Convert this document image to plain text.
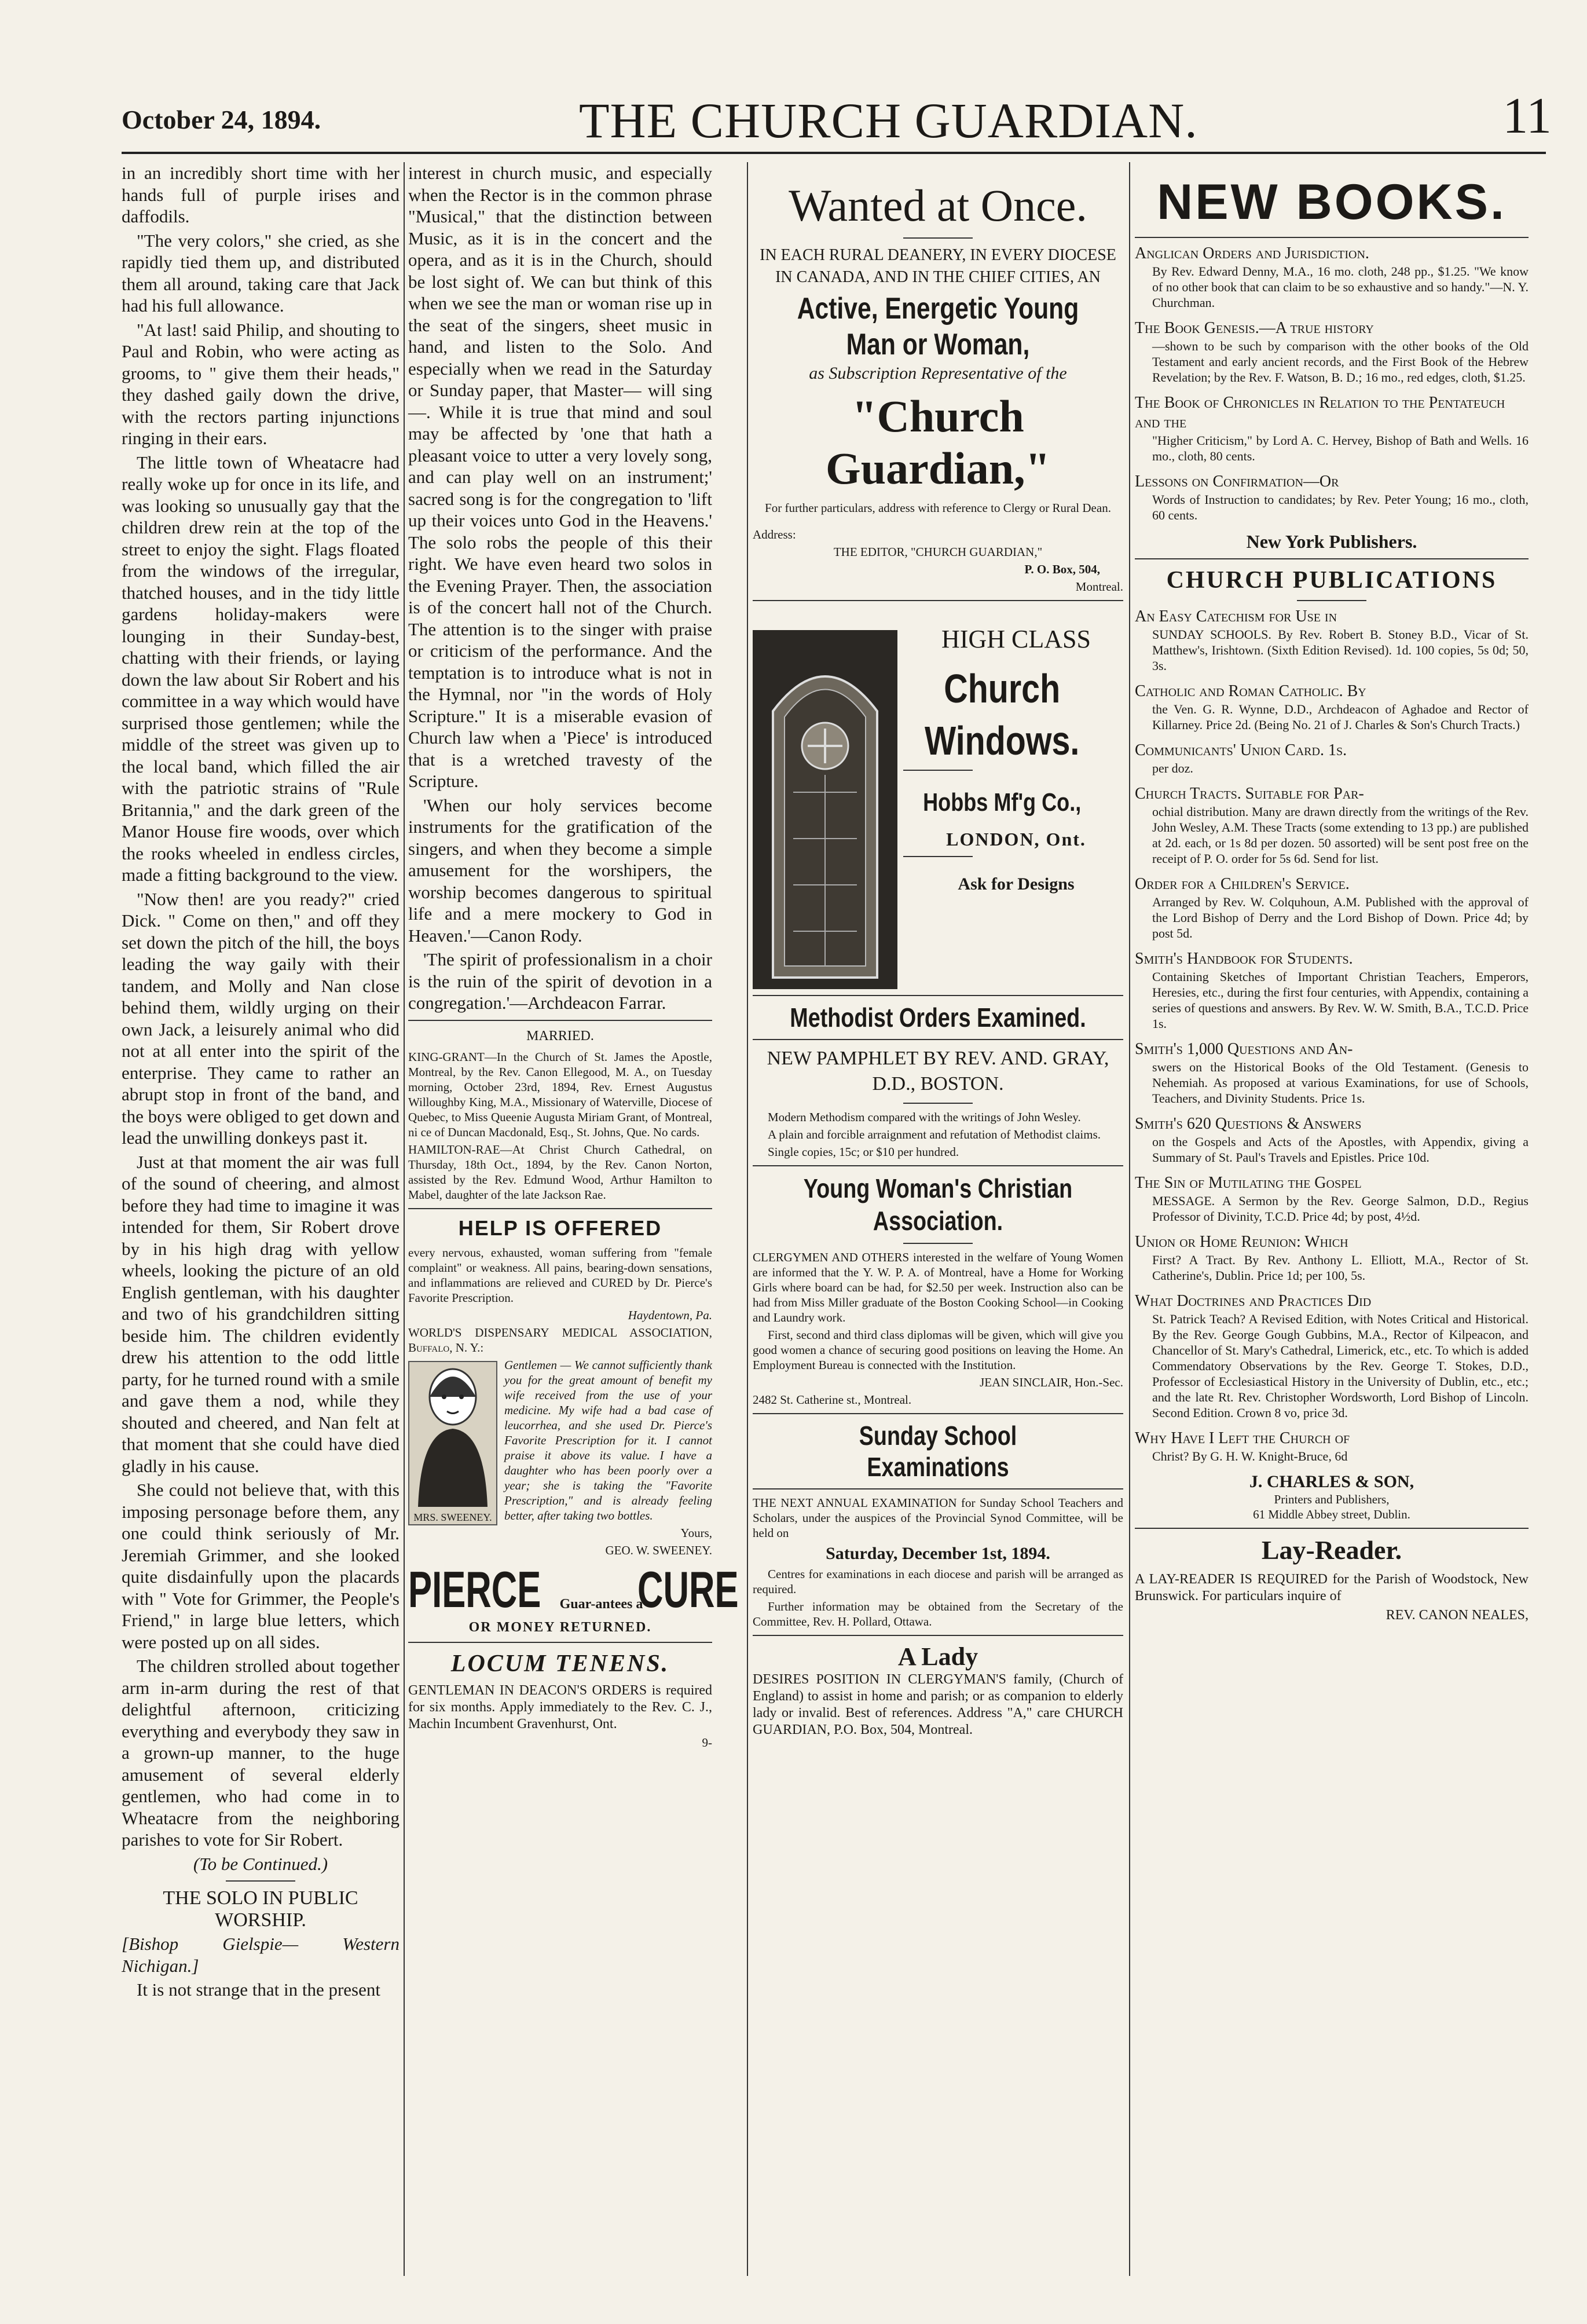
October 24, 1894.	THE CHURCH GUARDIAN.	11

in an incredibly short time with her hands full of purple irises and daffodils.

"The very colors," she cried, as she rapidly tied them up, and distributed them all around, taking care that Jack had his full allowance.

"At last! said Philip, and shouting to Paul and Robin, who were acting as grooms, to " give them their heads," they dashed gaily down the drive, with the rectors parting injunctions ringing in their ears.

The little town of Wheatacre had really woke up for once in its life, and was looking so unusually gay that the children drew rein at the top of the street to enjoy the sight. Flags floated from the windows of the irregular, thatched houses, and in the tidy little gardens holiday-makers were lounging in their Sunday-best, chatting with their friends, or laying down the law about Sir Robert and his committee in a way which would have surprised those gentlemen; while the middle of the street was given up to the local band, which filled the air with the patriotic strains of "Rule Britannia," and the dark green of the Manor House fire woods, over which the rooks wheeled in endless circles, made a fitting background to the view.

"Now then! are you ready?" cried Dick. " Come on then," and off they set down the pitch of the hill, the boys leading the way gaily with their tandem, and Molly and Nan close behind them, wildly urging on their own Jack, a leisurely animal who did not at all enter into the spirit of the enterprise. They came to rather an abrupt stop in front of the band, and the boys were obliged to get down and lead the unwilling donkeys past it.

Just at that moment the air was full of the sound of cheering, and almost before they had time to imagine it was intended for them, Sir Robert drove by in his high drag with yellow wheels, looking the picture of an old English gentleman, with his daughter and two of his grandchildren sitting beside him. The children evidently drew his attention to the odd little party, for he turned round with a smile and gave them a nod, while they shouted and cheered, and Nan felt at that moment that she could have died gladly in his cause.

She could not believe that, with this imposing personage before them, any one could think seriously of Mr. Jeremiah Grimmer, and she looked quite disdainfully upon the placards with " Vote for Grimmer, the People's Friend," in large blue letters, which were posted up on all sides.

The children strolled about together arm in-arm during the rest of that delightful afternoon, criticizing everything and everybody they saw in a grown-up manner, to the huge amusement of several elderly gentlemen, who had come in to Wheatacre from the neighboring parishes to vote for Sir Robert.

(To be Continued.)

THE SOLO IN PUBLIC WORSHIP.

[Bishop Gielspie— Western Nichigan.]

It is not strange that in the present

interest in church music, and especially when the Rector is in the common phrase "Musical," that the distinction between Music, as it is in the concert and the opera, and as it is in the Church, should be lost sight of. We can but think of this when we see the man or woman rise up in the seat of the singers, sheet music in hand, and listen to the Solo. And especially when we read in the Saturday or Sunday paper, that Master— will sing —. While it is true that mind and soul may be affected by 'one that hath a pleasant voice to utter a very lovely song, and can play well on an instrument;' sacred song is for the congregation to 'lift up their voices unto God in the Heavens.' The solo robs the people of this their right. We have even heard two solos in the Evening Prayer. Then, the association is of the concert hall not of the Church. The attention is to the singer with praise or criticism of the performance. And the temptation is to introduce what is not in the Hymnal, nor "in the words of Holy Scripture." It is a miserable evasion of Church law when a 'Piece' is introduced that is a wretched travesty of the Scripture.

'When our holy services become instruments for the gratification of the singers, and when they become a simple amusement for the worshipers, the worship becomes dangerous to spiritual life and a mere mockery to God in Heaven.'—Canon Rody.

'The spirit of professionalism in a choir is the ruin of the spirit of devotion in a congregation.'—Archdeacon Farrar.

MARRIED.

KING-GRANT—In the Church of St. James the Apostle, Montreal, by the Rev. Canon Ellegood, M. A., on Tuesday morning, October 23rd, 1894, Rev. Ernest Augustus Willoughby King, M.A., Missionary of Waterville, Diocese of Quebec, to Miss Queenie Augusta Miriam Grant, of Montreal, ni ce of Duncan Macdonald, Esq., St. Johns, Que. No cards.

HAMILTON-RAE—At Christ Church Cathedral, on Thursday, 18th Oct., 1894, by the Rev. Canon Norton, assisted by the Rev. Edmund Wood, Arthur Hamilton to Mabel, daughter of the late Jackson Rae.

HELP IS OFFERED

every nervous, exhausted, woman suffering from "female complaint" or weakness. All pains, bearing-down sensations, and inflammations are relieved and CURED by Dr. Pierce's Favorite Prescription.

Haydentown, Pa.

WORLD'S DISPENSARY MEDICAL ASSOCIATION, Buffalo, N. Y.:

MRS. SWEENEY.

Gentlemen — We cannot sufficiently thank you for the great amount of benefit my wife received from the use of your medicine. My wife had a bad case of leucorrhea, and she used Dr. Pierce's Favorite Prescription for it. I cannot praise it above its value. I have a daughter who has been poorly over a year; she is taking the "Favorite Prescription," and is already feeling better, after taking two bottles.

Yours,

GEO. W. SWEENEY.

PIERCE Guar-antees a CURE
OR MONEY RETURNED.
LOCUM TENENS.

GENTLEMAN IN DEACON'S ORDERS is required for six months. Apply immediately to the Rev. C. J., Machin Incumbent Gravenhurst, Ont.

9-

Wanted at Once.

IN EACH RURAL DEANERY, IN EVERY DIOCESE IN CANADA, AND IN THE CHIEF CITIES, AN

Active, Energetic Young Man or Woman,

as Subscription Representative of the

"Church Guardian,"

For further particulars, address with reference to Clergy or Rural Dean.

Address:

THE EDITOR, "CHURCH GUARDIAN,"

P. O. Box, 504,

Montreal.

HIGH CLASS
Church
Windows.
Hobbs Mf'g Co.,
LONDON, Ont.
Ask for Designs
Methodist Orders Examined.

NEW PAMPHLET BY REV. AND. GRAY, D.D., BOSTON.

Modern Methodism compared with the writings of John Wesley.

A plain and forcible arraignment and refutation of Methodist claims.

Single copies, 15c; or $10 per hundred.

Young Woman's Christian Association.

CLERGYMEN AND OTHERS interested in the welfare of Young Women are informed that the Y. W. P. A. of Montreal, have a Home for Working Girls where board can be had, for $2.50 per week. Instruction also can be had from Miss Miller graduate of the Boston Cooking School—in Cooking and Laundry work.

First, second and third class diplomas will be given, which will give you good women a chance of securing good positions on leaving the Home. An Employment Bureau is connected with the Institution.

JEAN SINCLAIR, Hon.-Sec.

2482 St. Catherine st., Montreal.

Sunday School Examinations

THE NEXT ANNUAL EXAMINATION for Sunday School Teachers and Scholars, under the auspices of the Provincial Synod Committee, will be held on

Saturday, December 1st, 1894.

Centres for examinations in each diocese and parish will be arranged as required.

Further information may be obtained from the Secretary of the Committee, Rev. H. Pollard, Ottawa.

A Lady

DESIRES POSITION IN CLERGYMAN'S family, (Church of England) to assist in home and parish; or as companion to elderly lady or invalid. Best of references. Address "A," care CHURCH GUARDIAN, P.O. Box, 504, Montreal.

NEW BOOKS.
Anglican Orders and Jurisdiction.
By Rev. Edward Denny, M.A., 16 mo. cloth, 248 pp., $1.25. "We know of no other book that can claim to be so exhaustive and so handy."—N. Y. Churchman.
The Book Genesis.—A true history
—shown to be such by comparison with the other books of the Old Testament and early ancient records, and the First Book of the Hebrew Revelation; by the Rev. F. Watson, B. D.; 16 mo., red edges, cloth, $1.25.
The Book of Chronicles in Relation to the Pentateuch and the
"Higher Criticism," by Lord A. C. Hervey, Bishop of Bath and Wells. 16 mo., cloth, 80 cents.
Lessons on Confirmation—Or
Words of Instruction to candidates; by Rev. Peter Young; 16 mo., cloth, 60 cents.
New York Publishers.
CHURCH PUBLICATIONS
An Easy Catechism for Use in
SUNDAY SCHOOLS. By Rev. Robert B. Stoney B.D., Vicar of St. Matthew's, Irishtown. (Sixth Edition Revised). 1d. 100 copies, 5s 0d; 50, 3s.
Catholic and Roman Catholic. By
the Ven. G. R. Wynne, D.D., Archdeacon of Aghadoe and Rector of Killarney. Price 2d. (Being No. 21 of J. Charles & Son's Church Tracts.)
Communicants' Union Card. 1s.
per doz.
Church Tracts. Suitable for Par-
ochial distribution. Many are drawn directly from the writings of the Rev. John Wesley, A.M. These Tracts (some extending to 13 pp.) are published at 2d. each, or 1s 8d per dozen. 50 assorted) will be sent post free on the receipt of P. O. order for 5s 6d. Send for list.
Order for a Children's Service.
Arranged by Rev. W. Colquhoun, A.M. Published with the approval of the Lord Bishop of Derry and the Lord Bishop of Down. Price 4d; by post 5d.
Smith's Handbook for Students.
Containing Sketches of Important Christian Teachers, Emperors, Heresies, etc., during the first four centuries, with Appendix, containing a series of questions and answers. By Rev. W. W. Smith, B.A., T.C.D. Price 1s.
Smith's 1,000 Questions and An-
swers on the Historical Books of the Old Testament. (Genesis to Nehemiah. As proposed at various Examinations, for use of Schools, Teachers, and Divinity Students. Price 1s.
Smith's 620 Questions & Answers
on the Gospels and Acts of the Apostles, with Appendix, giving a Summary of St. Paul's Travels and Epistles. Price 10d.
The Sin of Mutilating the Gospel
MESSAGE. A Sermon by the Rev. George Salmon, D.D., Regius Professor of Divinity, T.C.D. Price 4d; by post, 4½d.
Union or Home Reunion: Which
First? A Tract. By Rev. Anthony L. Elliott, M.A., Rector of St. Catherine's, Dublin. Price 1d; per 100, 5s.
What Doctrines and Practices Did
St. Patrick Teach? A Revised Edition, with Notes Critical and Historical. By the Rev. George Gough Gubbins, M.A., Rector of Kilpeacon, and Chancellor of St. Mary's Cathedral, Limerick, etc., etc. To which is added Commendatory Observations by the Rev. George T. Stokes, D.D., Professor of Ecclesiastical History in the University of Dublin, etc., etc.; and the late Rt. Rev. Christopher Wordsworth, Lord Bishop of Lincoln. Second Edition. Crown 8 vo, price 3d.
Why Have I Left the Church of
Christ? By G. H. W. Knight-Bruce, 6d
J. CHARLES & SON,
Printers and Publishers,
61 Middle Abbey street, Dublin.
Lay-Reader.

A LAY-READER IS REQUIRED for the Parish of Woodstock, New Brunswick. For particulars inquire of

REV. CANON NEALES,
